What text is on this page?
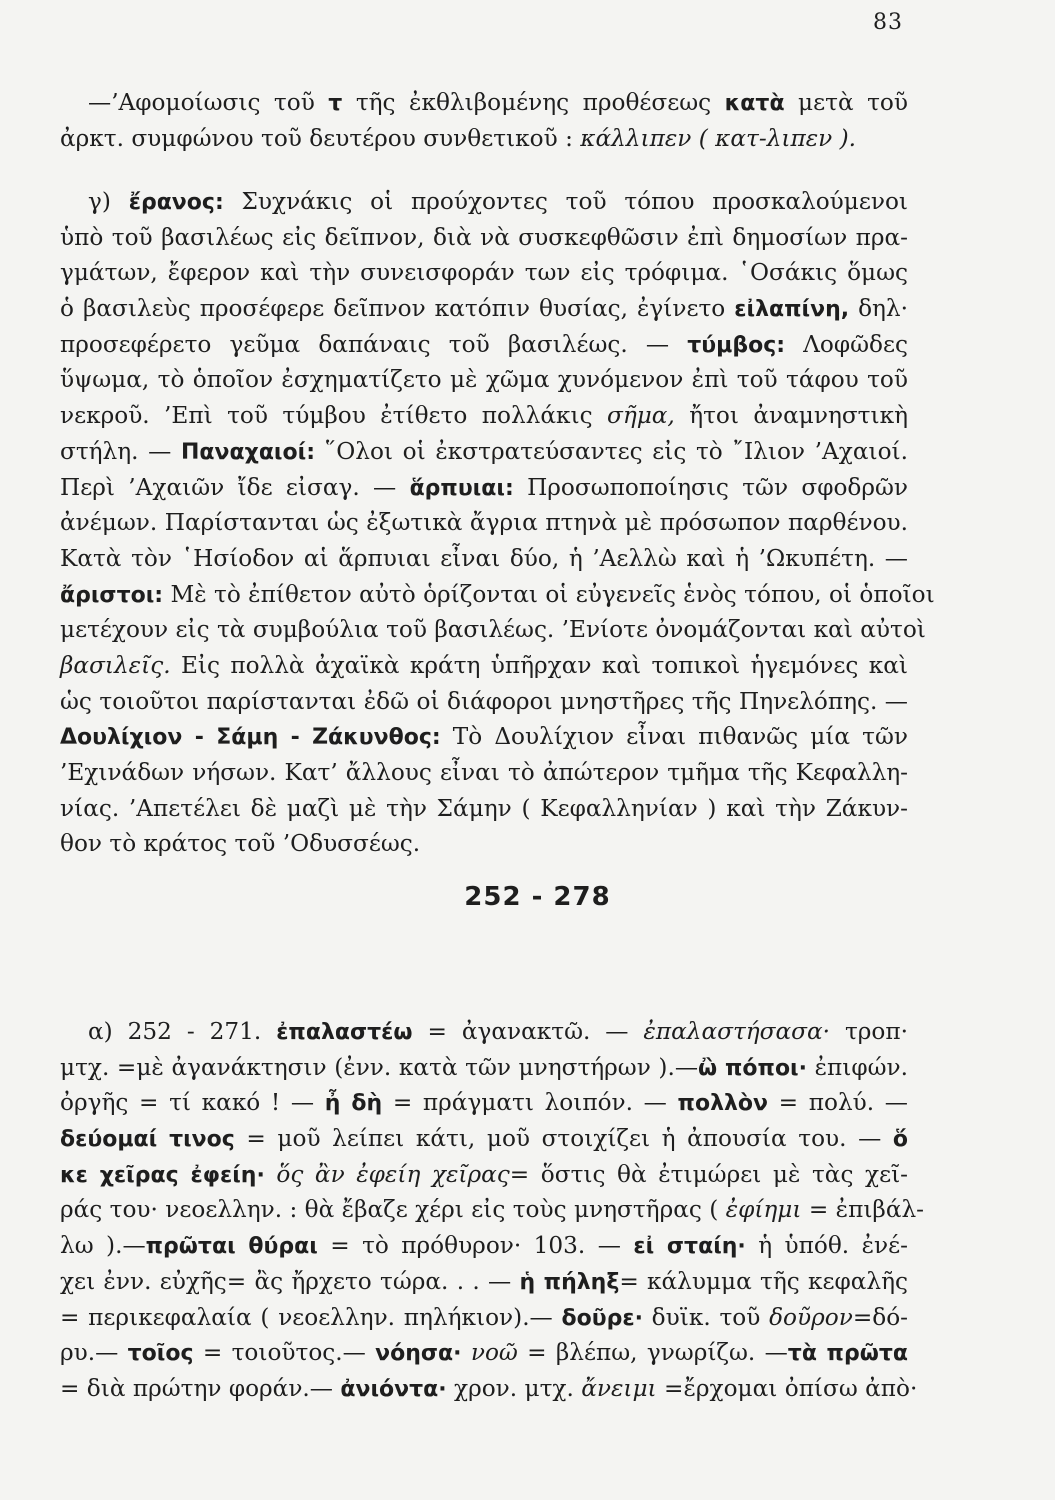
83
—’Αφομοίωσις τοῦ τ τῆς ἐκθλιβομένης προθέσεως κατὰ μετὰ τοῦ
ἀρκτ. συμφώνου τοῦ δευτέρου συνθετικοῦ : κάλλιπεν ( κατ-λιπεν ).
γ) ἔρανος: Συχνάκις οἱ προύχοντες τοῦ τόπου προσκαλούμενοι
ὑπὸ τοῦ βασιλέως εἰς δεῖπνον, διὰ νὰ συσκεφθῶσιν ἐπὶ δημοσίων πρα-
γμάτων, ἔφερον καὶ τὴν συνεισφοράν των εἰς τρόφιμα. ῾Οσάκις ὅμως
ὁ βασιλεὺς προσέφερε δεῖπνον κατόπιν θυσίας, ἐγίνετο εἰλαπίνη, δηλ·
προσεφέρετο γεῦμα δαπάναις τοῦ βασιλέως. — τύμβος: Λοφῶδες
ὕψωμα, τὸ ὁποῖον ἐσχηματίζετο μὲ χῶμα χυνόμενον ἐπὶ τοῦ τάφου τοῦ
νεκροῦ. ’Επὶ τοῦ τύμβου ἐτίθετο πολλάκις σῆμα, ἤτοι ἀναμνηστικὴ
στήλη. — Παναχαιοί: ῞Ολοι οἱ ἐκστρατεύσαντες εἰς τὸ ῎Ιλιον ’Αχαιοί.
Περὶ ’Αχαιῶν ἴδε εἰσαγ. — ἅρπυιαι: Προσωποποίησις τῶν σφοδρῶν
ἀνέμων. Παρίστανται ὡς ἐξωτικὰ ἄγρια πτηνὰ μὲ πρόσωπον παρθένου.
Κατὰ τὸν ῾Ησίοδον αἱ ἅρπυιαι εἶναι δύο, ἡ ’Αελλὼ καὶ ἡ ’Ωκυπέτη. —
ἄριστοι: Μὲ τὸ ἐπίθετον αὐτὸ ὁρίζονται οἱ εὐγενεῖς ἑνὸς τόπου, οἱ ὁποῖοι
μετέχουν εἰς τὰ συμβούλια τοῦ βασιλέως. ’Ενίοτε ὀνομάζονται καὶ αὐτοὶ
βασιλεῖς. Εἰς πολλὰ ἀχαϊκὰ κράτη ὑπῆρχαν καὶ τοπικοὶ ἡγεμόνες καὶ
ὡς τοιοῦτοι παρίστανται ἐδῶ οἱ διάφοροι μνηστῆρες τῆς Πηνελόπης. —
Δουλίχιον - Σάμη - Ζάκυνθος: Τὸ Δουλίχιον εἶναι πιθανῶς μία τῶν
’Εχινάδων νήσων. Κατ’ ἄλλους εἶναι τὸ ἀπώτερον τμῆμα τῆς Κεφαλλη-
νίας. ’Απετέλει δὲ μαζὶ μὲ τὴν Σάμην ( Κεφαλληνίαν ) καὶ τὴν Ζάκυν-
θον τὸ κράτος τοῦ ’Οδυσσέως.
252 - 278
α) 252 - 271. ἐπαλαστέω = ἀγανακτῶ. — ἐπαλαστήσασα· τροπ·
μτχ. =μὲ ἀγανάκτησιν (ἐνν. κατὰ τῶν μνηστήρων ).—ὢ πόποι· ἐπιφών.
ὀργῆς = τί κακό ! — ἦ δὴ = πράγματι λοιπόν. — πολλὸν = πολύ. —
δεύομαί τινος = μοῦ λείπει κάτι, μοῦ στοιχίζει ἡ ἀπουσία του. — ὅ
κε χεῖρας ἐφείη· ὅς ἂν ἐφείη χεῖρας= ὅστις θὰ ἐτιμώρει μὲ τὰς χεῖ-
ράς του· νεοελλην. : θὰ ἔβαζε χέρι εἰς τοὺς μνηστῆρας ( ἐφίημι = ἐπιβάλ-
λω ).—πρῶται θύραι = τὸ πρόθυρον· 103. — εἰ σταίη· ἡ ὑπόθ. ἐνέ-
χει ἐνν. εὐχῆς= ἂς ἤρχετο τώρα. . . — ἡ πήληξ= κάλυμμα τῆς κεφαλῆς
= περικεφαλαία ( νεοελλην. πηλήκιον).— δοῦρε· δυϊκ. τοῦ δοῦρον=δό-
ρυ.— τοῖος = τοιοῦτος.— νόησα· νοῶ = βλέπω, γνωρίζω. —τὰ πρῶτα
= διὰ πρώτην φοράν.— ἀνιόντα· χρον. μτχ. ἄνειμι =ἔρχομαι ὀπίσω ἀπὸ·
